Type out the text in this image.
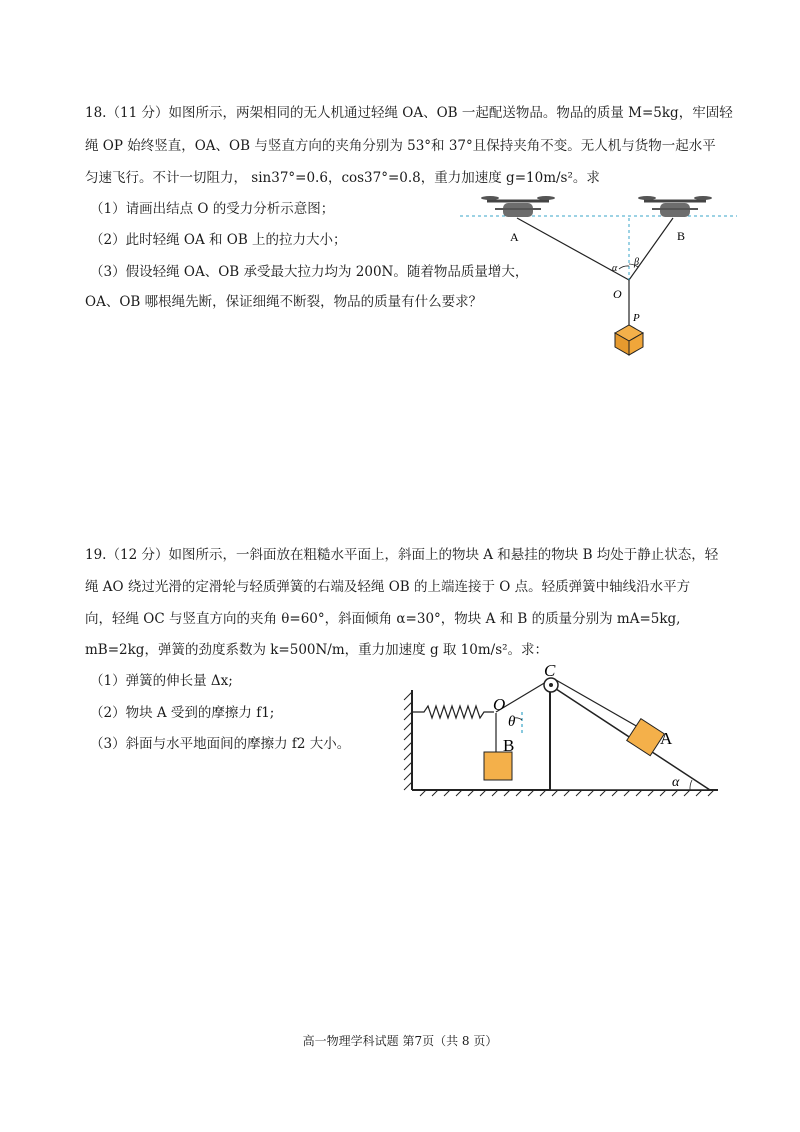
18.（11 分）如图所示，两架相同的无人机通过轻绳 OA、OB 一起配送物品。物品的质量 M=5kg，牢固轻
绳 OP 始终竖直，OA、OB 与竖直方向的夹角分别为 53°和 37°且保持夹角不变。无人机与货物一起水平
匀速飞行。不计一切阻力， sin37°=0.6，cos37°=0.8，重力加速度 g=10m/s²。求
（1）请画出结点 O 的受力分析示意图；
（2）此时轻绳 OA 和 OB 上的拉力大小；
（3）假设轻绳 OA、OB 承受最大拉力均为 200N。随着物品质量增大，
OA、OB 哪根绳先断，保证细绳不断裂，物品的质量有什么要求？
A	B
O
P
α
β
19.（12 分）如图所示，一斜面放在粗糙水平面上，斜面上的物块 A 和悬挂的物块 B 均处于静止状态，轻
绳 AO 绕过光滑的定滑轮与轻质弹簧的右端及轻绳 OB 的上端连接于 O 点。轻质弹簧中轴线沿水平方
向，轻绳 OC 与竖直方向的夹角 θ=60°，斜面倾角 α=30°，物块 A 和 B 的质量分别为 mA=5kg,
mB=2kg，弹簧的劲度系数为 k=500N/m，重力加速度 g 取 10m/s²。求：
（1）弹簧的伸长量 Δx;
（2）物块 A 受到的摩擦力 f1;
（3）斜面与水平地面间的摩擦力 f2 大小。
C
O
B
θ
A
α
高一物理学科试题 第7页（共 8 页）
